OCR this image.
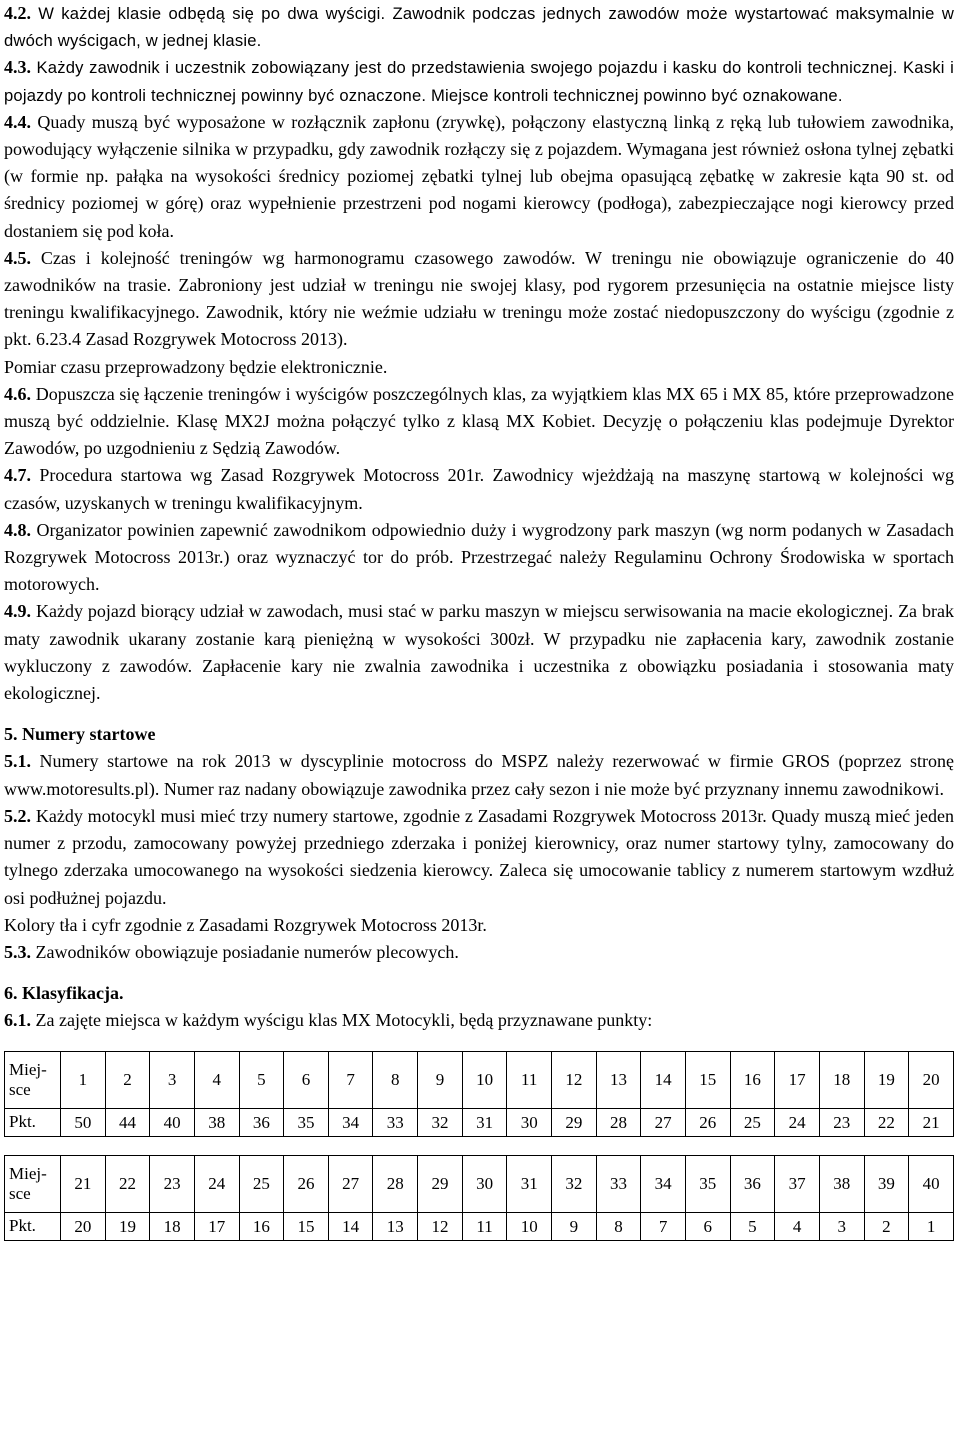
4.2. W każdej klasie odbędą się po dwa wyścigi. Zawodnik podczas jednych zawodów może wystartować maksymalnie w dwóch wyścigach, w jednej klasie.

4.3. Każdy zawodnik i uczestnik zobowiązany jest do przedstawienia swojego pojazdu i kasku do kontroli technicznej. Kaski i pojazdy po kontroli technicznej powinny być oznaczone. Miejsce kontroli technicznej powinno być oznakowane.

4.4. Quady muszą być wyposażone w rozłącznik zapłonu (zrywkę), połączony elastyczną linką z ręką lub tułowiem zawodnika, powodujący wyłączenie silnika w przypadku, gdy zawodnik rozłączy się z pojazdem. Wymagana jest również osłona tylnej zębatki (w formie np. pałąka na wysokości średnicy poziomej zębatki tylnej lub obejma opasującą zębatkę w zakresie kąta 90 st. od średnicy poziomej w górę) oraz wypełnienie przestrzeni pod nogami kierowcy (podłoga), zabezpieczające nogi kierowcy przed dostaniem się pod koła.

4.5. Czas i kolejność treningów wg harmonogramu czasowego zawodów. W treningu nie obowiązuje ograniczenie do 40 zawodników na trasie. Zabroniony jest udział w treningu nie swojej klasy, pod rygorem przesunięcia na ostatnie miejsce listy treningu kwalifikacyjnego. Zawodnik, który nie weźmie udziału w treningu może zostać niedopuszczony do wyścigu (zgodnie z pkt. 6.23.4 Zasad Rozgrywek Motocross 2013).

Pomiar czasu przeprowadzony będzie elektronicznie.

4.6. Dopuszcza się łączenie treningów i wyścigów poszczególnych klas, za wyjątkiem klas MX 65 i MX 85, które przeprowadzone muszą być oddzielnie. Klasę MX2J można połączyć tylko z klasą MX Kobiet. Decyzję o połączeniu klas podejmuje Dyrektor Zawodów, po uzgodnieniu z Sędzią Zawodów.

4.7. Procedura startowa wg Zasad Rozgrywek Motocross 201r. Zawodnicy wjeżdżają na maszynę startową w kolejności wg czasów, uzyskanych w treningu kwalifikacyjnym.

4.8. Organizator powinien zapewnić zawodnikom odpowiednio duży i wygrodzony park maszyn (wg norm podanych w Zasadach Rozgrywek Motocross 2013r.) oraz wyznaczyć tor do prób. Przestrzegać należy Regulaminu Ochrony Środowiska w sportach motorowych.

4.9. Każdy pojazd biorący udział w zawodach, musi stać w parku maszyn w miejscu serwisowania na macie ekologicznej. Za brak maty zawodnik ukarany zostanie karą pieniężną w wysokości 300zł. W przypadku nie zapłacenia kary, zawodnik zostanie wykluczony z zawodów. Zapłacenie kary nie zwalnia zawodnika i uczestnika z obowiązku posiadania i stosowania maty ekologicznej.

5. Numery startowe

5.1. Numery startowe na rok 2013 w dyscyplinie motocross do MSPZ należy rezerwować w firmie GROS (poprzez stronę www.motoresults.pl). Numer raz nadany obowiązuje zawodnika przez cały sezon i nie może być przyznany innemu zawodnikowi.

5.2. Każdy motocykl musi mieć trzy numery startowe, zgodnie z Zasadami Rozgrywek Motocross 2013r. Quady muszą mieć jeden numer z przodu, zamocowany powyżej przedniego zderzaka i poniżej kierownicy, oraz numer startowy tylny, zamocowany do tylnego zderzaka umocowanego na wysokości siedzenia kierowcy. Zaleca się umocowanie tablicy z numerem startowym wzdłuż osi podłużnej pojazdu.

Kolory tła i cyfr zgodnie z Zasadami Rozgrywek Motocross 2013r.

5.3. Zawodników obowiązuje posiadanie numerów plecowych.

6. Klasyfikacja.

6.1. Za zajęte miejsca w każdym wyścigu klas MX Motocykli, będą przyznawane punkty:

Miej-
sce	1	2	3	4	5	6	7	8	9	10	11	12	13	14	15	16	17	18	19	20
Pkt.	50	44	40	38	36	35	34	33	32	31	30	29	28	27	26	25	24	23	22	21
Miej-
sce	21	22	23	24	25	26	27	28	29	30	31	32	33	34	35	36	37	38	39	40
Pkt.	20	19	18	17	16	15	14	13	12	11	10	9	8	7	6	5	4	3	2	1
